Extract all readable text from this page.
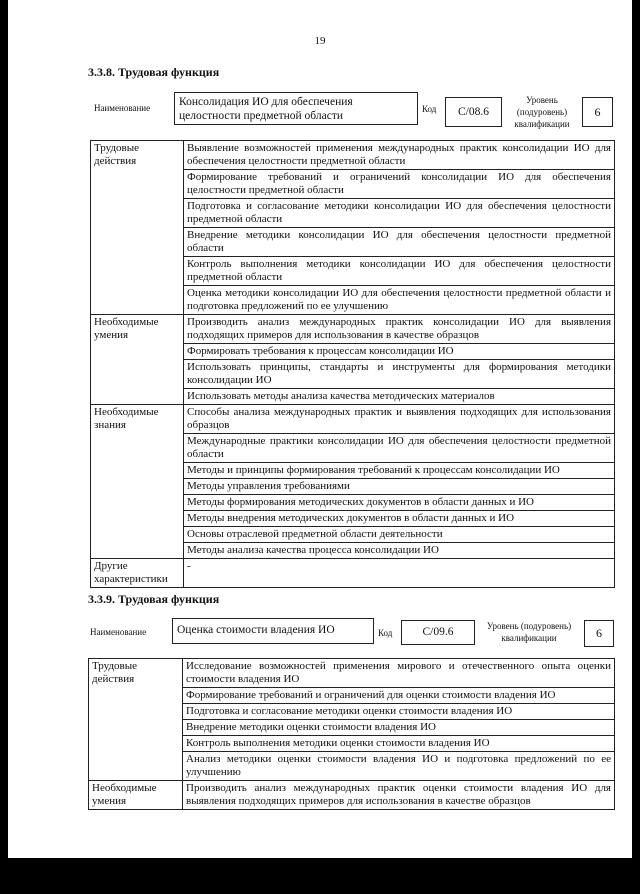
19
3.3.8. Трудовая функция
Наименование	Консолидация ИО для обеспечения целостности предметной области
Код	С/08.6
Уровень (подуровень) квалификации
6
Трудовые действия	Выявление возможностей применения международных практик консолидации ИО для обеспечения целостности предметной области
	Формирование требований и ограничений консолидации ИО для обеспечения целостности предметной области
	Подготовка и согласование методики консолидации ИО для обеспечения целостности предметной области
	Внедрение методики консолидации ИО для обеспечения целостности предметной области
	Контроль выполнения методики консолидации ИО для обеспечения целостности предметной области
	Оценка методики консолидации ИО для обеспечения целостности предметной области и подготовка предложений по ее улучшению
Необходимые умения	Производить анализ международных практик консолидации ИО для выявления подходящих примеров для использования в качестве образцов
	Формировать требования к процессам консолидации ИО
	Использовать принципы, стандарты и инструменты для формирования методики консолидации ИО
	Использовать методы анализа качества методических материалов
Необходимые знания	Способы анализа международных практик и выявления подходящих для использования образцов
	Международные практики консолидации ИО для обеспечения целостности предметной области
	Методы и принципы формирования требований к процессам консолидации ИО
	Методы управления требованиями
	Методы формирования методических документов в области данных и ИО
	Методы внедрения методических документов в области данных и ИО
	Основы отраслевой предметной области деятельности
	Методы анализа качества процесса консолидации ИО
Другие характеристики	-
3.3.9. Трудовая функция
Наименование	Оценка стоимости владения ИО	Код	С/09.6	Уровень (подуровень) квалификации	6
Трудовые действия	Исследование возможностей применения мирового и отечественного опыта оценки стоимости владения ИО
	Формирование требований и ограничений для оценки стоимости владения ИО
	Подготовка и согласование методики оценки стоимости владения ИО
	Внедрение методики оценки стоимости владения ИО
	Контроль выполнения методики оценки стоимости владения ИО
	Анализ методики оценки стоимости владения ИО и подготовка предложений по ее улучшению
Необходимые умения	Производить анализ международных практик оценки стоимости владения ИО для выявления подходящих примеров для использования в качестве образцов
